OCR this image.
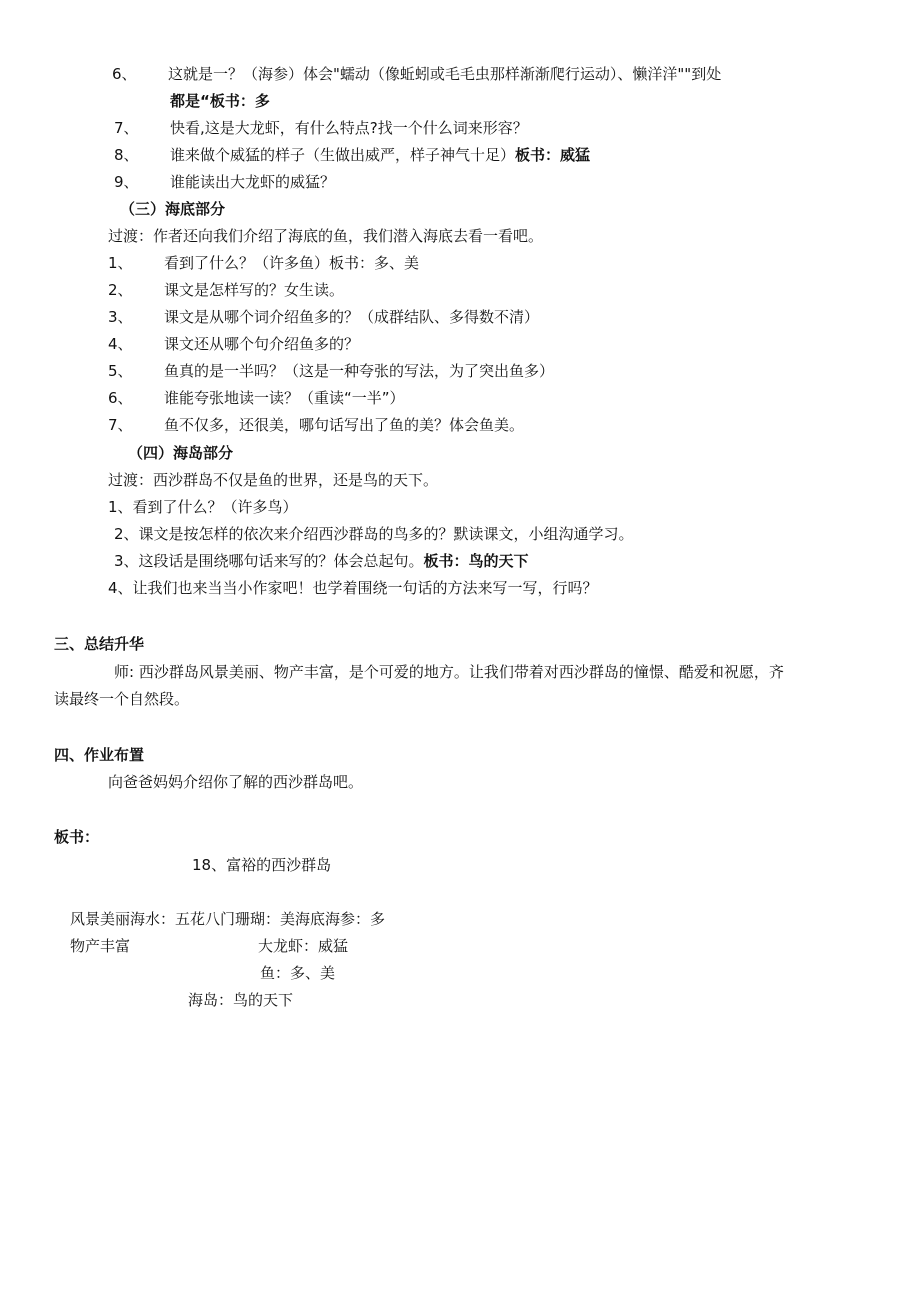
6、 这就是一？（海参）体会"蠕动（像蚯蚓或毛毛虫那样渐渐爬行运动）、懒洋洋""到处
都是“板书：多
7、 快看,这是大龙虾，有什么特点?找一个什么词来形容？
8、 谁来做个威猛的样子（生做出威严，样子神气十足）板书：威猛
9、 谁能读出大龙虾的威猛？
（三）海底部分
过渡：作者还向我们介绍了海底的鱼，我们潜入海底去看一看吧。
1、 看到了什么？（许多鱼）板书：多、美
2、 课文是怎样写的？女生读。
3、 课文是从哪个词介绍鱼多的？（成群结队、多得数不清）
4、 课文还从哪个句介绍鱼多的？
5、 鱼真的是一半吗？（这是一种夸张的写法，为了突出鱼多）
6、 谁能夸张地读一读？（重读“一半”）
7、 鱼不仅多，还很美，哪句话写出了鱼的美？体会鱼美。
（四）海岛部分
过渡：西沙群岛不仅是鱼的世界，还是鸟的天下。
1、看到了什么？（许多鸟）
2、课文是按怎样的依次来介绍西沙群岛的鸟多的？默读课文，小组沟通学习。
3、这段话是围绕哪句话来写的？体会总起句。板书：鸟的天下
4、让我们也来当当小作家吧！也学着围绕一句话的方法来写一写，行吗？
三、总结升华
师: 西沙群岛风景美丽、物产丰富，是个可爱的地方。让我们带着对西沙群岛的憧憬、酷爱和祝愿，齐
读最终一个自然段。
四、作业布置
向爸爸妈妈介绍你了解的西沙群岛吧。
板书：
18、富裕的西沙群岛
风景美丽海水：五花八门珊瑚：美海底海参：多
物产丰富	大龙虾：威猛
鱼：多、美
海岛：鸟的天下
